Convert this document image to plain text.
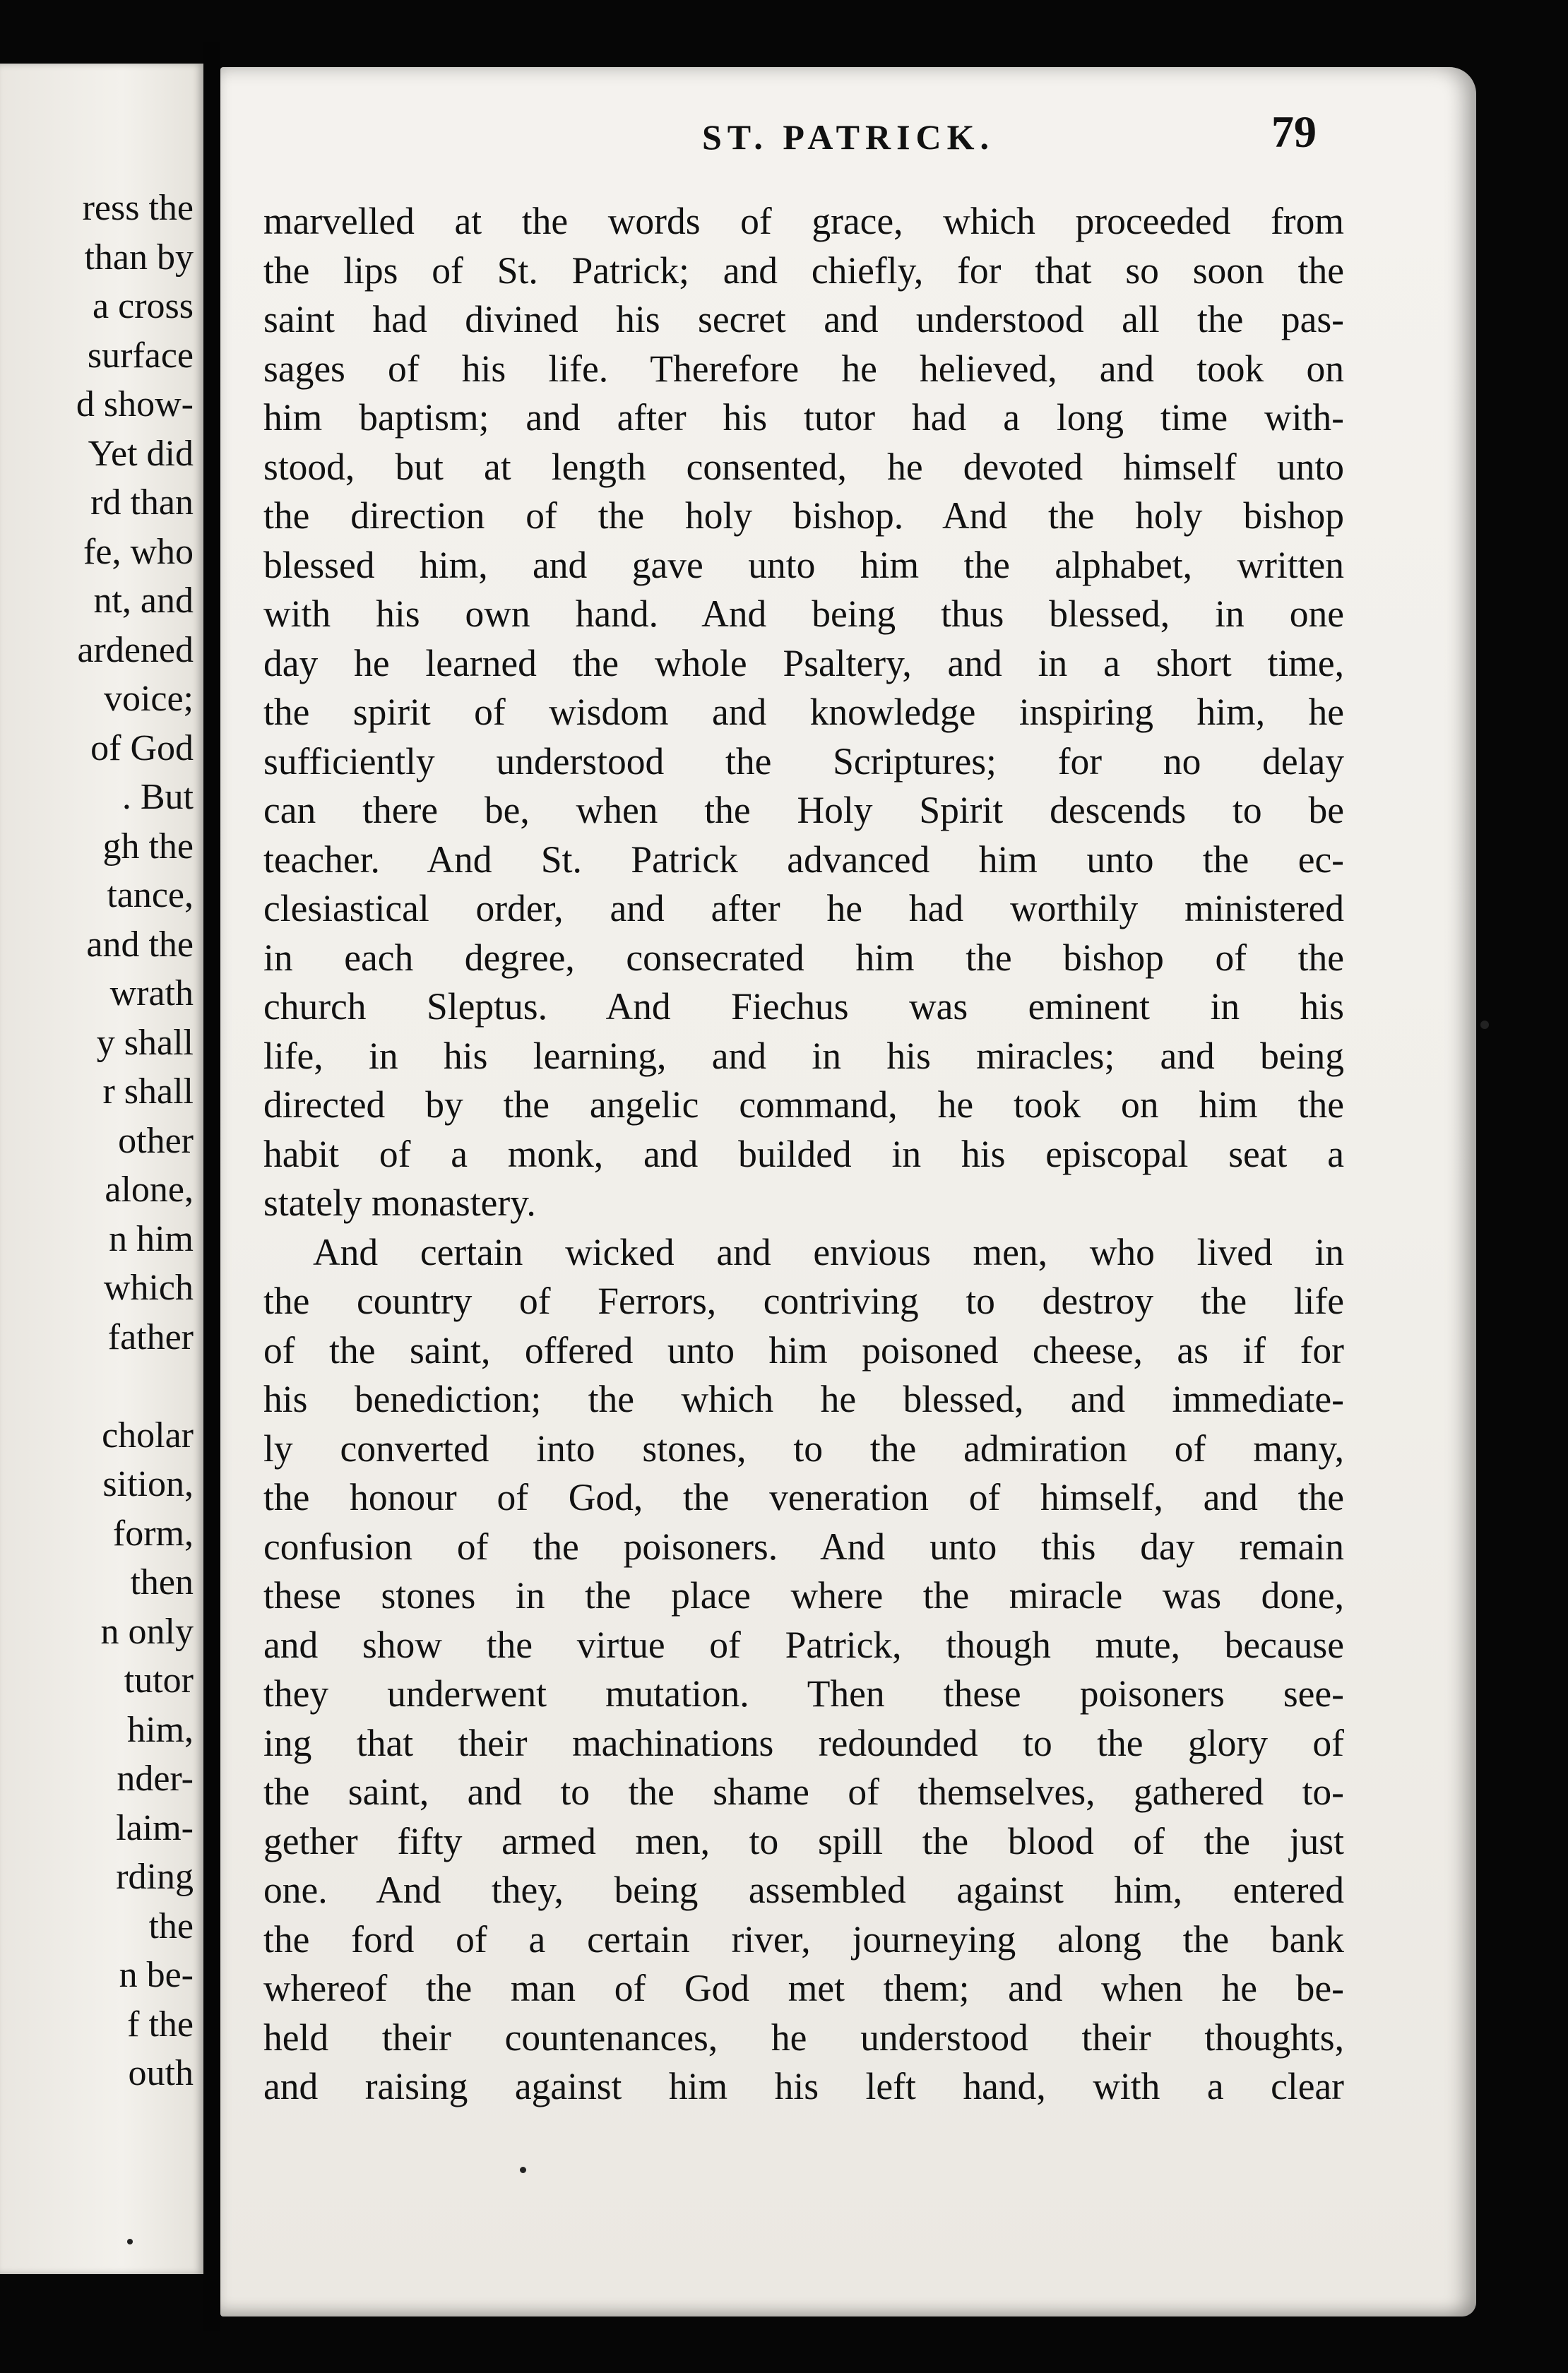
ress the
than by
a cross
surface
d show-
Yet did
rd than
fe, who
nt, and
ardened
voice;
of God
. But
gh the
tance,
and the
wrath
y shall
r shall
other
alone,
n him
which
father
cholar
sition,
form,
then
n only
tutor
him,
nder-
laim-
rding
the
n be-
f the
outh
ST. PATRICK.	79
marvelled at the words of grace, which proceeded from
the lips of St. Patrick; and chiefly, for that so soon the
saint had divined his secret and understood all the pas-
sages of his life. Therefore he helieved, and took on
him baptism; and after his tutor had a long time with-
stood, but at length consented, he devoted himself unto
the direction of the holy bishop. And the holy bishop
blessed him, and gave unto him the alphabet, written
with his own hand. And being thus blessed, in one
day he learned the whole Psaltery, and in a short time,
the spirit of wisdom and knowledge inspiring him, he
sufficiently understood the Scriptures; for no delay
can there be, when the Holy Spirit descends to be
teacher. And St. Patrick advanced him unto the ec-
clesiastical order, and after he had worthily ministered
in each degree, consecrated him the bishop of the
church Sleptus. And Fiechus was eminent in his
life, in his learning, and in his miracles; and being
directed by the angelic command, he took on him the
habit of a monk, and builded in his episcopal seat a
stately monastery.
And certain wicked and envious men, who lived in
the country of Ferrors, contriving to destroy the life
of the saint, offered unto him poisoned cheese, as if for
his benediction; the which he blessed, and immediate-
ly converted into stones, to the admiration of many,
the honour of God, the veneration of himself, and the
confusion of the poisoners. And unto this day remain
these stones in the place where the miracle was done,
and show the virtue of Patrick, though mute, because
they underwent mutation. Then these poisoners see-
ing that their machinations redounded to the glory of
the saint, and to the shame of themselves, gathered to-
gether fifty armed men, to spill the blood of the just
one. And they, being assembled against him, entered
the ford of a certain river, journeying along the bank
whereof the man of God met them; and when he be-
held their countenances, he understood their thoughts,
and raising against him his left hand, with a clear
